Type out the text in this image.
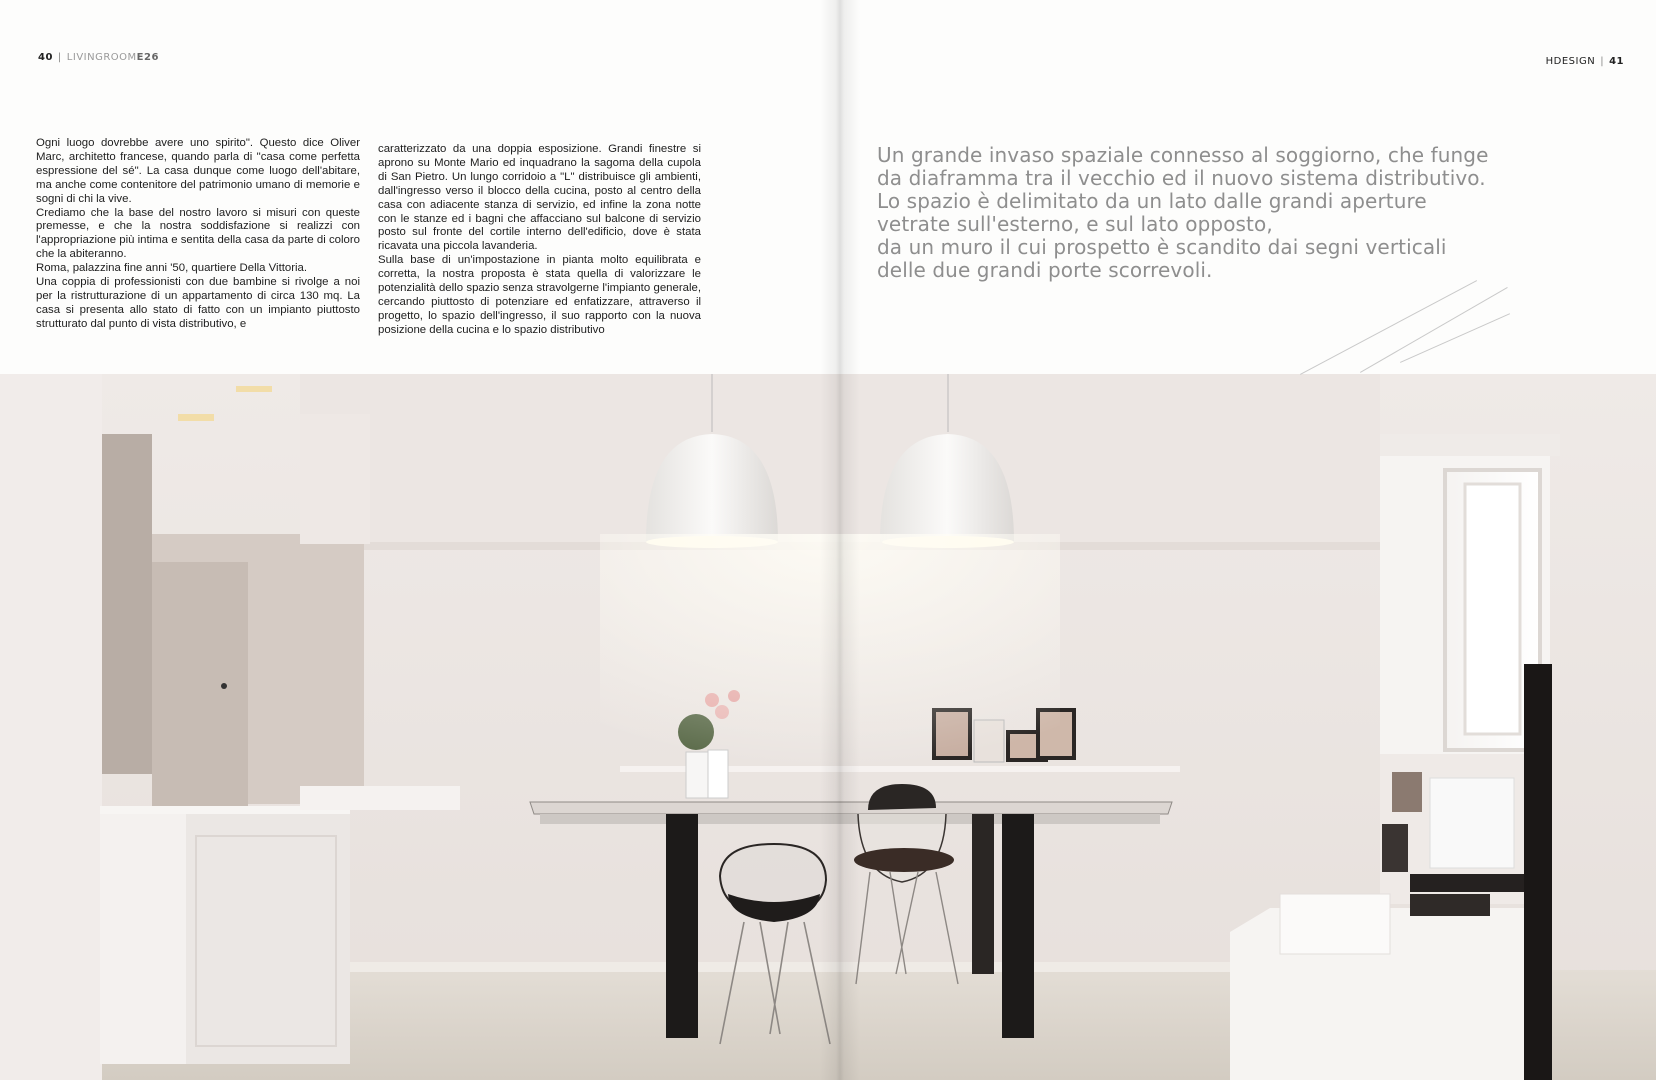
40 | LIVINGROOME26	HDESIGN | 41

Ogni luogo dovrebbe avere uno spirito". Questo dice Oliver Marc, architetto francese, quando parla di "casa come perfetta espressione del sé". La casa dunque come luogo dell'abitare, ma anche come contenitore del patrimonio umano di memorie e sogni di chi la vive.

Crediamo che la base del nostro lavoro si misuri con queste premesse, e che la nostra soddisfazione si realizzi con l'appropriazione più intima e sentita della casa da parte di coloro che la abiteranno.

Roma, palazzina fine anni '50, quartiere Della Vittoria.

Una coppia di professionisti con due bambine si rivolge a noi per la ristrutturazione di un appartamento di circa 130 mq. La casa si presenta allo stato di fatto con un impianto piuttosto strutturato dal punto di vista distributivo, e

caratterizzato da una doppia esposizione. Grandi finestre si aprono su Monte Mario ed inquadrano la sagoma della cupola di San Pietro. Un lungo corridoio a "L" distribuisce gli ambienti, dall'ingresso verso il blocco della cucina, posto al centro della casa con adiacente stanza di servizio, ed infine la zona notte con le stanze ed i bagni che affacciano sul balcone di servizio posto sul fronte del cortile interno dell'edificio, dove è stata ricavata una piccola lavanderia.

Sulla base di un'impostazione in pianta molto equilibrata e corretta, la nostra proposta è stata quella di valorizzare le potenzialità dello spazio senza stravolgerne l'impianto generale, cercando piuttosto di potenziare ed enfatizzare, attraverso il progetto, lo spazio dell'ingresso, il suo rapporto con la nuova posizione della cucina e lo spazio distributivo

Un grande invaso spaziale connesso al soggiorno, che funge

da diaframma tra il vecchio ed il nuovo sistema distributivo.

Lo spazio è delimitato da un lato dalle grandi aperture

vetrate sull'esterno, e sul lato opposto,

da un muro il cui prospetto è scandito dai segni verticali

delle due grandi porte scorrevoli.
